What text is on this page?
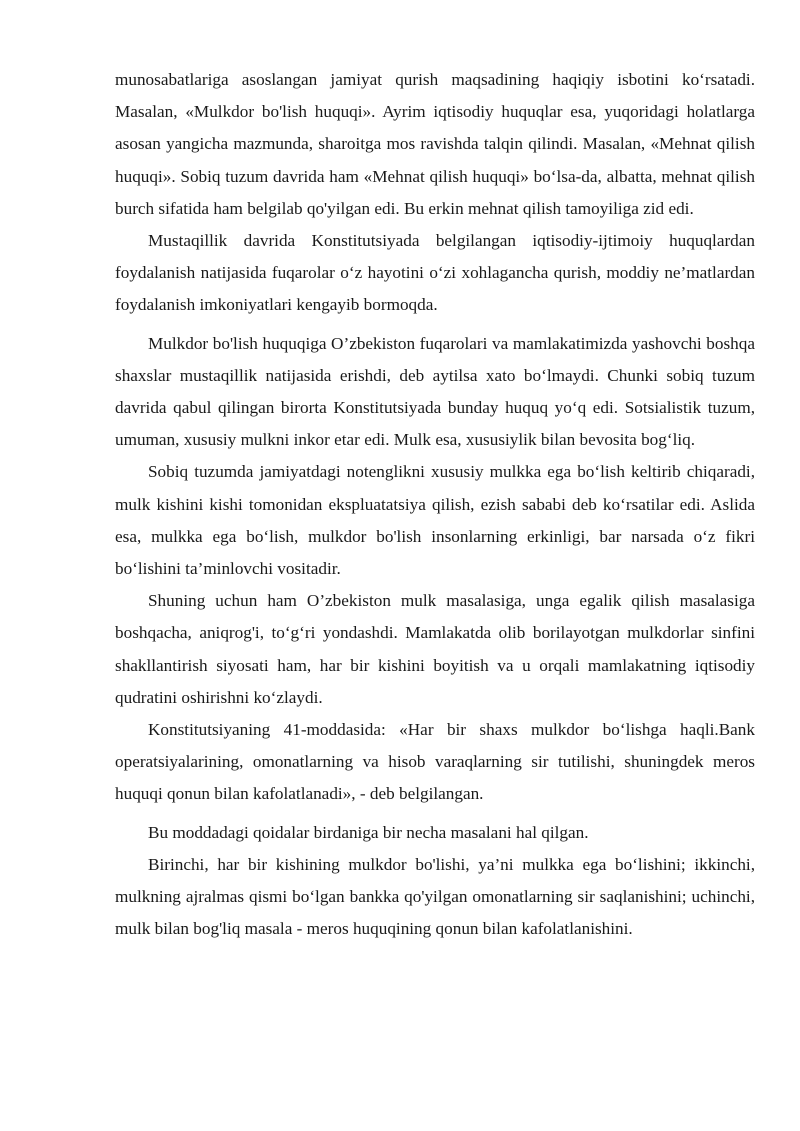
munosabatlariga asoslangan jamiyat qurish maqsadining haqiqiy isbotini ko‘rsatadi. Masalan, «Mulkdor bo'lish huquqi». Ayrim iqtisodiy huquqlar esa, yuqoridagi holatlarga asosan yangicha mazmunda, sharoitga mos ravishda talqin qilindi. Masalan, «Mehnat qilish huquqi». Sobiq tuzum davrida ham «Mehnat qilish huquqi» bo‘lsa-da, albatta, mehnat qilish burch sifatida ham belgilab qo'yilgan edi. Bu erkin mehnat qilish tamoyiliga zid edi.

Mustaqillik davrida Konstitutsiyada belgilangan iqtisodiy-ijtimoiy huquqlardan foydalanish natijasida fuqarolar o‘z hayotini o‘zi xohlagancha qurish, moddiy ne’matlardan foydalanish imkoniyatlari kengayib bormoqda.

Mulkdor bo'lish huquqiga O’zbekiston fuqarolari va mamlakatimizda yashovchi boshqa shaxslar mustaqillik natijasida erishdi, deb aytilsa xato bo‘lmaydi. Chunki sobiq tuzum davrida qabul qilingan birorta Konstitutsiyada bunday huquq yo‘q edi. Sotsialistik tuzum, umuman, xususiy mulkni inkor etar edi. Mulk esa, xususiylik bilan bevosita bog‘liq.

Sobiq tuzumda jamiyatdagi notenglikni xususiy mulkka ega bo‘lish keltirib chiqaradi, mulk kishini kishi tomonidan ekspluatatsiya qilish, ezish sababi deb ko‘rsatilar edi. Aslida esa, mulkka ega bo‘lish, mulkdor bo'lish insonlarning erkinligi, bar narsada o‘z fikri bo‘lishini ta’minlovchi vositadir.

Shuning uchun ham O’zbekiston mulk masalasiga, unga egalik qilish masalasiga boshqacha, aniqrog'i, to‘g‘ri yondashdi. Mamlakatda olib borilayotgan mulkdorlar sinfini shakllantirish siyosati ham, har bir kishini boyitish va u orqali mamlakatning iqtisodiy qudratini oshirishni ko‘zlaydi.

Konstitutsiyaning 41-moddasida: «Har bir shaxs mulkdor bo‘lishga haqli.Bank operatsiyalarining, omonatlarning va hisob varaqlarning sir tutilishi, shuningdek meros huquqi qonun bilan kafolatlanadi», - deb belgilangan.

Bu moddadagi qoidalar birdaniga bir necha masalani hal qilgan.

Birinchi, har bir kishining mulkdor bo'lishi, ya’ni mulkka ega bo‘lishini; ikkinchi, mulkning ajralmas qismi bo‘lgan bankka qo'yilgan omonatlarning sir saqlanishini; uchinchi, mulk bilan bog'liq masala - meros huquqining qonun bilan kafolatlanishini.
